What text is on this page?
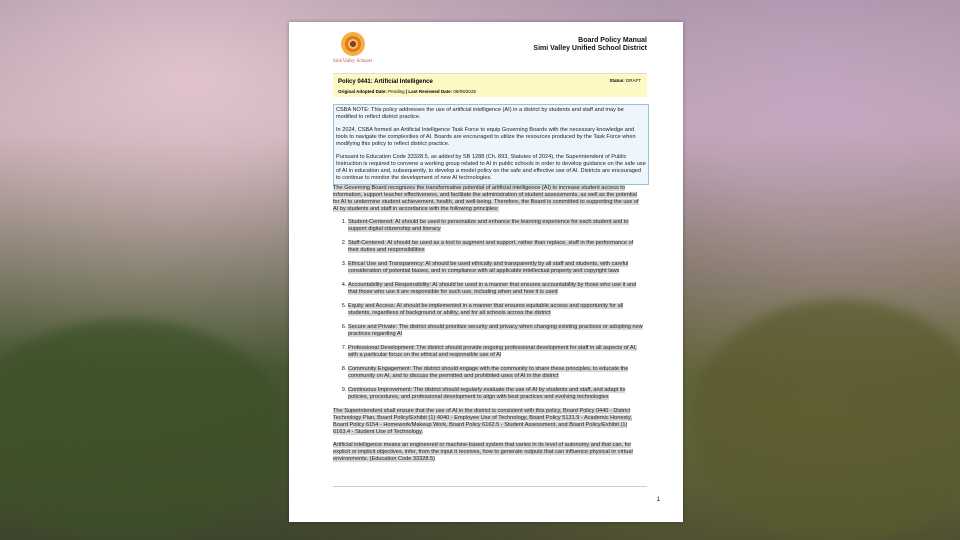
SimiValley Schools
Board Policy Manual
Simi Valley Unified School District
Policy 0441: Artificial Intelligence	Status: DRAFT
Original Adopted Date: Pending | Last Reviewed Date: 09/09/2025

CSBA NOTE: This policy addresses the use of artificial intelligence (AI) in a district by students and staff and may be modified to reflect district practice.

In 2024, CSBA formed an Artificial Intelligence Task Force to equip Governing Boards with the necessary knowledge and tools to navigate the complexities of AI. Boards are encouraged to utilize the resources produced by the Task Force when modifying this policy to reflect district practice.

Pursuant to Education Code 33328.5, as added by SB 1288 (Ch. 893, Statutes of 2024), the Superintendent of Public Instruction is required to convene a working group related to AI in public schools in order to develop guidance on the safe use of AI in education and, subsequently, to develop a model policy on the safe and effective use of AI. Districts are encouraged to continue to monitor the development of new AI technologies.

The Governing Board recognizes the transformative potential of artificial intelligence (AI) to increase student access to information, support teacher effectiveness, and facilitate the administration of student assessments, as well as the potential for AI to undermine student achievement, health, and well-being. Therefore, the Board is committed to supporting the use of AI by students and staff in accordance with the following principles:

1. Student-Centered: AI should be used to personalize and enhance the learning experience for each student and to support digital citizenship and literacy
2. Staff-Centered: AI should be used as a tool to augment and support, rather than replace, staff in the performance of their duties and responsibilities
3. Ethical Use and Transparency: AI should be used ethically and transparently by all staff and students, with careful consideration of potential biases, and in compliance with all applicable intellectual property and copyright laws
4. Accountability and Responsibility: AI should be used in a manner that ensures accountability by those who use it and that those who use it are responsible for such use, including when and how it is used
5. Equity and Access: AI should be implemented in a manner that ensures equitable access and opportunity for all students, regardless of background or ability, and for all schools across the district
6. Secure and Private: The district should prioritize security and privacy when changing existing practices or adopting new practices regarding AI
7. Professional Development: The district should provide ongoing professional development for staff in all aspects of AI, with a particular focus on the ethical and responsible use of AI
8. Community Engagement: The district should engage with the community to share these principles, to educate the community on AI, and to discuss the permitted and prohibited uses of AI in the district
9. Continuous Improvement: The district should regularly evaluate the use of AI by students and staff, and adapt its policies, procedures, and professional development to align with best practices and evolving technologies

The Superintendent shall ensure that the use of AI in the district is consistent with this policy, Board Policy 0440 - District Technology Plan, Board Policy/Exhibit (1) 4040 - Employee Use of Technology, Board Policy 5131.9 - Academic Honesty, Board Policy 6154 - Homework/Makeup Work, Board Policy 6162.5 - Student Assessment, and Board Policy/Exhibit (1) 6163.4 - Student Use of Technology.

Artificial intelligence means an engineered or machine-based system that varies in its level of autonomy and that can, for explicit or implicit objectives, infer, from the input it receives, how to generate outputs that can influence physical or virtual environments. (Education Code 33328.5)

1
